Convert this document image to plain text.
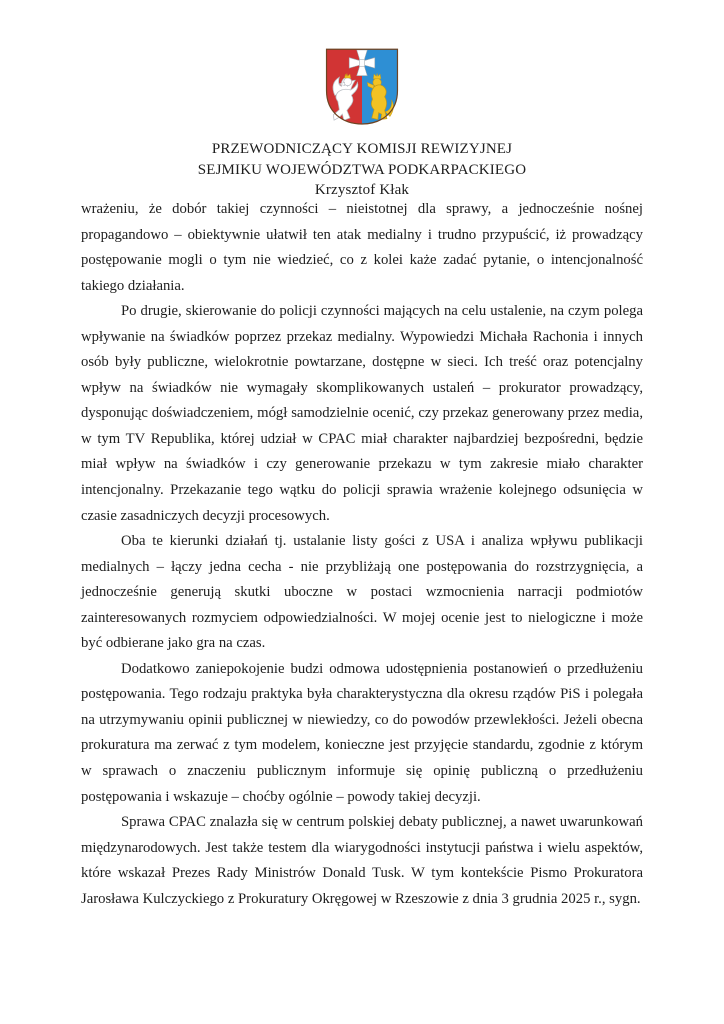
PRZEWODNICZĄCY KOMISJI REWIZYJNEJ
SEJMIKU WOJEWÓDZTWA PODKARPACKIEGO
Krzysztof Kłak

wrażeniu, że dobór takiej czynności – nieistotnej dla sprawy, a jednocześnie nośnej propagandowo – obiektywnie ułatwił ten atak medialny i trudno przypuścić, iż prowadzący postępowanie mogli o tym nie wiedzieć, co z kolei każe zadać pytanie, o intencjonalność takiego działania.

Po drugie, skierowanie do policji czynności mających na celu ustalenie, na czym polega wpływanie na świadków poprzez przekaz medialny. Wypowiedzi Michała Rachonia i innych osób były publiczne, wielokrotnie powtarzane, dostępne w sieci. Ich treść oraz potencjalny wpływ na świadków nie wymagały skomplikowanych ustaleń – prokurator prowadzący, dysponując doświadczeniem, mógł samodzielnie ocenić, czy przekaz generowany przez media, w tym TV Republika, której udział w CPAC miał charakter najbardziej bezpośredni, będzie miał wpływ na świadków i czy generowanie przekazu w tym zakresie miało charakter intencjonalny. Przekazanie tego wątku do policji sprawia wrażenie kolejnego odsunięcia w czasie zasadniczych decyzji procesowych.

Oba te kierunki działań tj. ustalanie listy gości z USA i analiza wpływu publikacji medialnych – łączy jedna cecha - nie przybliżają one postępowania do rozstrzygnięcia, a jednocześnie generują skutki uboczne w postaci wzmocnienia narracji podmiotów zainteresowanych rozmyciem odpowiedzialności. W mojej ocenie jest to nielogiczne i może być odbierane jako gra na czas.

Dodatkowo zaniepokojenie budzi odmowa udostępnienia postanowień o przedłużeniu postępowania. Tego rodzaju praktyka była charakterystyczna dla okresu rządów PiS i polegała na utrzymywaniu opinii publicznej w niewiedzy, co do powodów przewlekłości. Jeżeli obecna prokuratura ma zerwać z tym modelem, konieczne jest przyjęcie standardu, zgodnie z którym w sprawach o znaczeniu publicznym informuje się opinię publiczną o przedłużeniu postępowania i wskazuje – choćby ogólnie – powody takiej decyzji.

Sprawa CPAC znalazła się w centrum polskiej debaty publicznej, a nawet uwarunkowań międzynarodowych. Jest także testem dla wiarygodności instytucji państwa i wielu aspektów, które wskazał Prezes Rady Ministrów Donald Tusk. W tym kontekście Pismo Prokuratora Jarosława Kulczyckiego z Prokuratury Okręgowej w Rzeszowie z dnia 3 grudnia 2025 r., sygn.
